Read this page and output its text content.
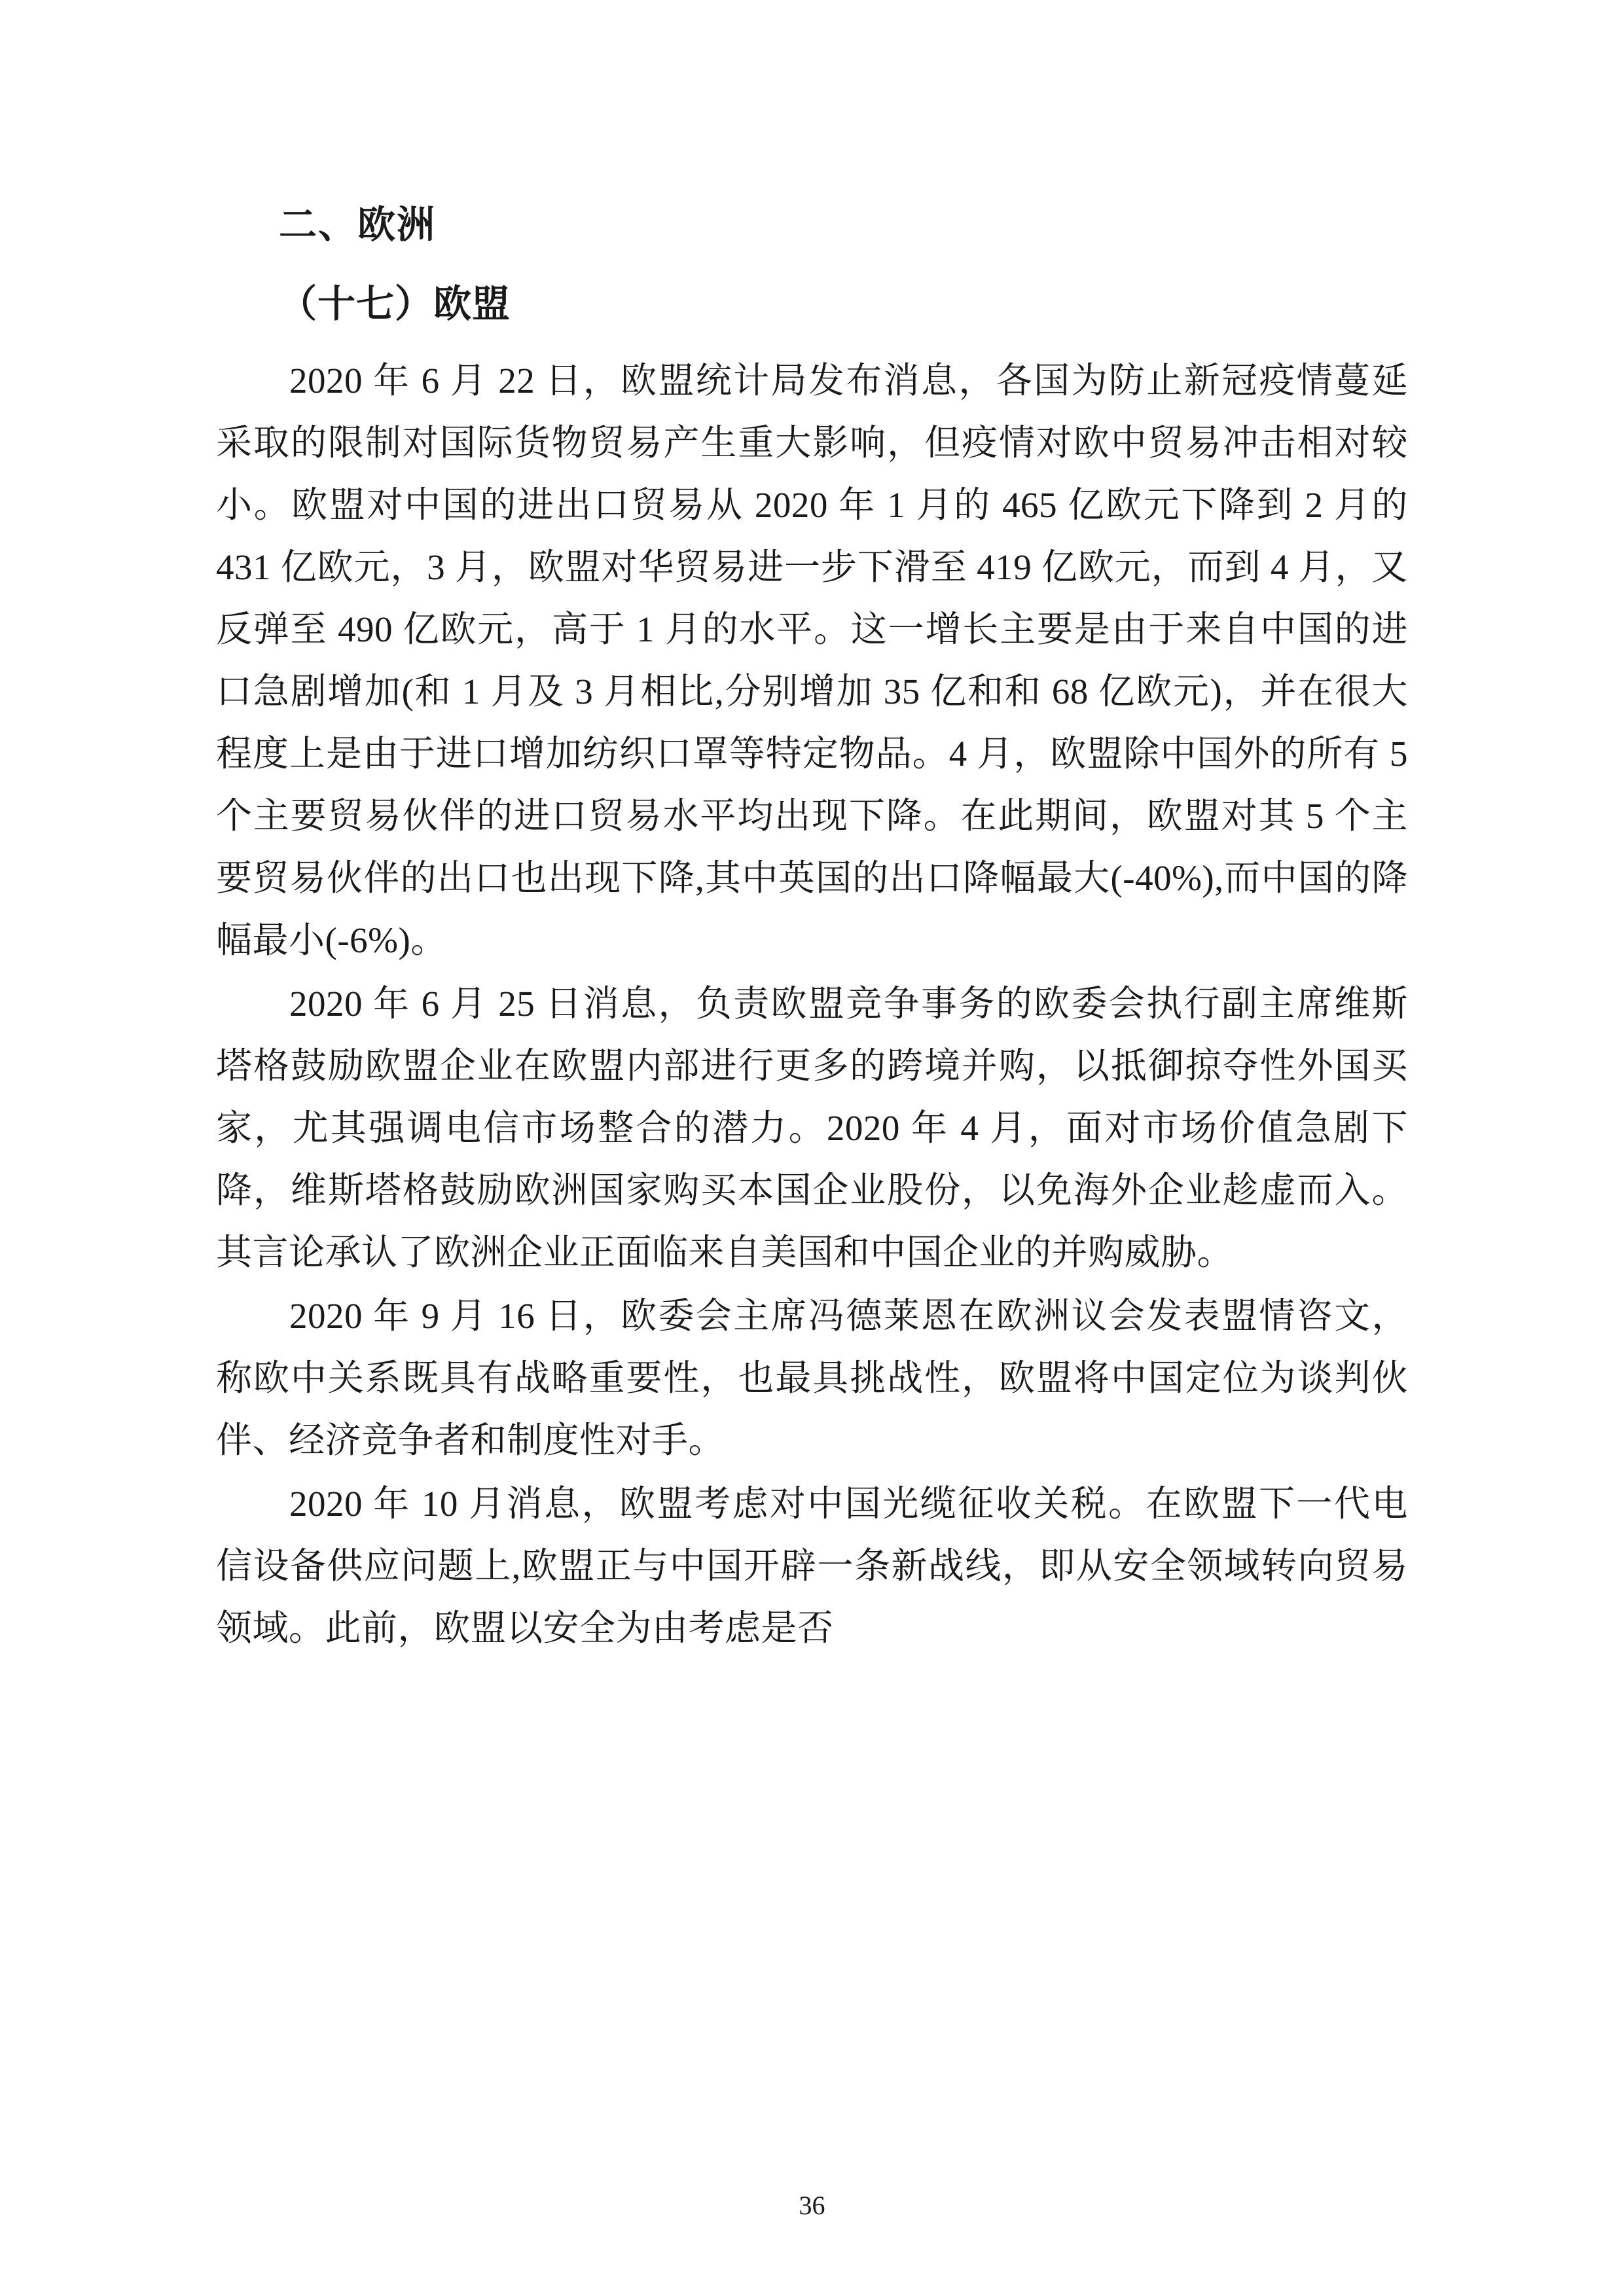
二、欧洲
（十七）欧盟

2020 年 6 月 22 日，欧盟统计局发布消息，各国为防止新冠疫情蔓延采取的限制对国际货物贸易产生重大影响，但疫情对欧中贸易冲击相对较小。欧盟对中国的进出口贸易从 2020 年 1 月的 465 亿欧元下降到 2 月的 431 亿欧元，3 月，欧盟对华贸易进一步下滑至 419 亿欧元，而到 4 月，又反弹至 490 亿欧元，高于 1 月的水平。这一增长主要是由于来自中国的进口急剧增加(和 1 月及 3 月相比,分别增加 35 亿和和 68 亿欧元)，并在很大程度上是由于进口增加纺织口罩等特定物品。4 月，欧盟除中国外的所有 5 个主要贸易伙伴的进口贸易水平均出现下降。在此期间，欧盟对其 5 个主要贸易伙伴的出口也出现下降,其中英国的出口降幅最大(-40%),而中国的降幅最小(-6%)。

2020 年 6 月 25 日消息，负责欧盟竞争事务的欧委会执行副主席维斯塔格鼓励欧盟企业在欧盟内部进行更多的跨境并购，以抵御掠夺性外国买家，尤其强调电信市场整合的潜力。2020 年 4 月，面对市场价值急剧下降，维斯塔格鼓励欧洲国家购买本国企业股份，以免海外企业趁虚而入。其言论承认了欧洲企业正面临来自美国和中国企业的并购威胁。

2020 年 9 月 16 日，欧委会主席冯德莱恩在欧洲议会发表盟情咨文，称欧中关系既具有战略重要性，也最具挑战性，欧盟将中国定位为谈判伙伴、经济竞争者和制度性对手。

2020 年 10 月消息，欧盟考虑对中国光缆征收关税。在欧盟下一代电信设备供应问题上,欧盟正与中国开辟一条新战线，即从安全领域转向贸易领域。此前，欧盟以安全为由考虑是否

36
